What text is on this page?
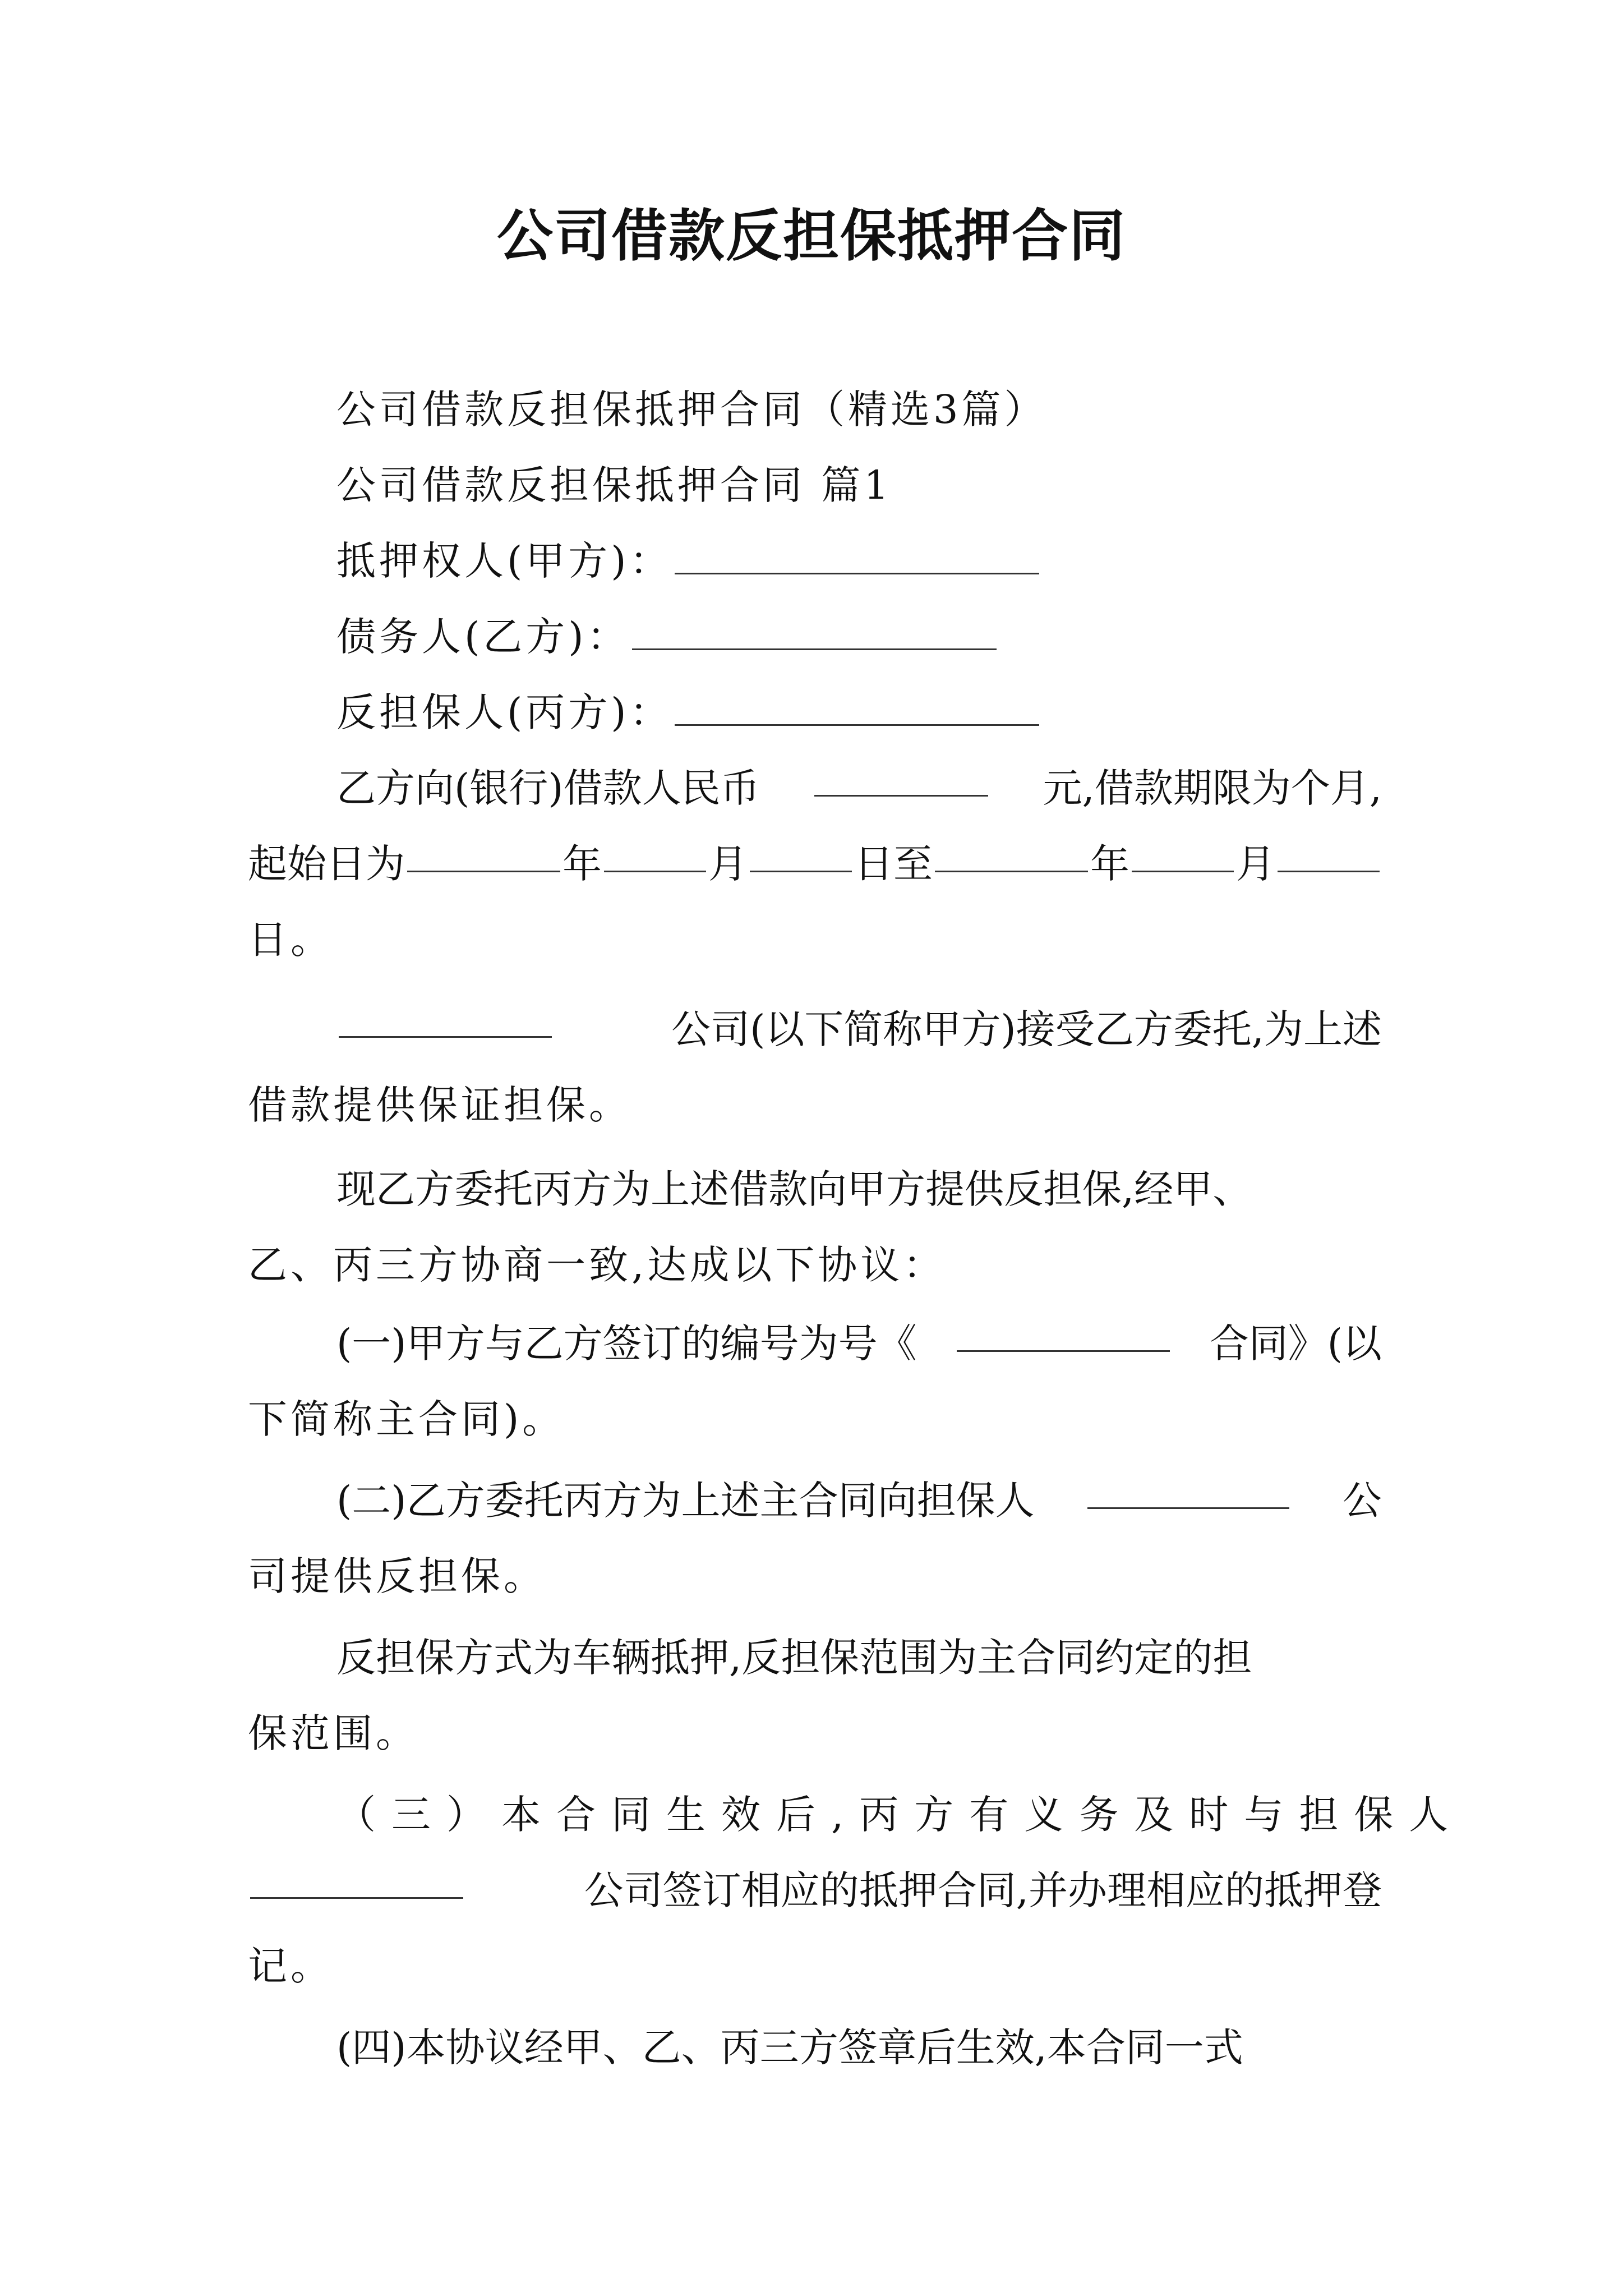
公司借款反担保抵押合同
公司借款反担保抵押合同（精选3篇）
公司借款反担保抵押合同 篇1
抵押权人(甲方)：
债务人(乙方)：
反担保人(丙方)：
乙方向(银行)借款人民币	元,借款期限为个月,
起始日为	年	月	日至	年	月
日。
公司(以下简称甲方)接受乙方委托,为上述
借款提供保证担保。
现乙方委托丙方为上述借款向甲方提供反担保,经甲、
乙、丙三方协商一致,达成以下协议：
(一)甲方与乙方签订的编号为号《	合同》(以
下简称主合同)。
(二)乙方委托丙方为上述主合同向担保人	公
司提供反担保。
反担保方式为车辆抵押,反担保范围为主合同约定的担
保范围。
（三）本合同生效后,丙方有义务及时与担保人
公司签订相应的抵押合同,并办理相应的抵押登
记。
(四)本协议经甲、乙、丙三方签章后生效,本合同一式
